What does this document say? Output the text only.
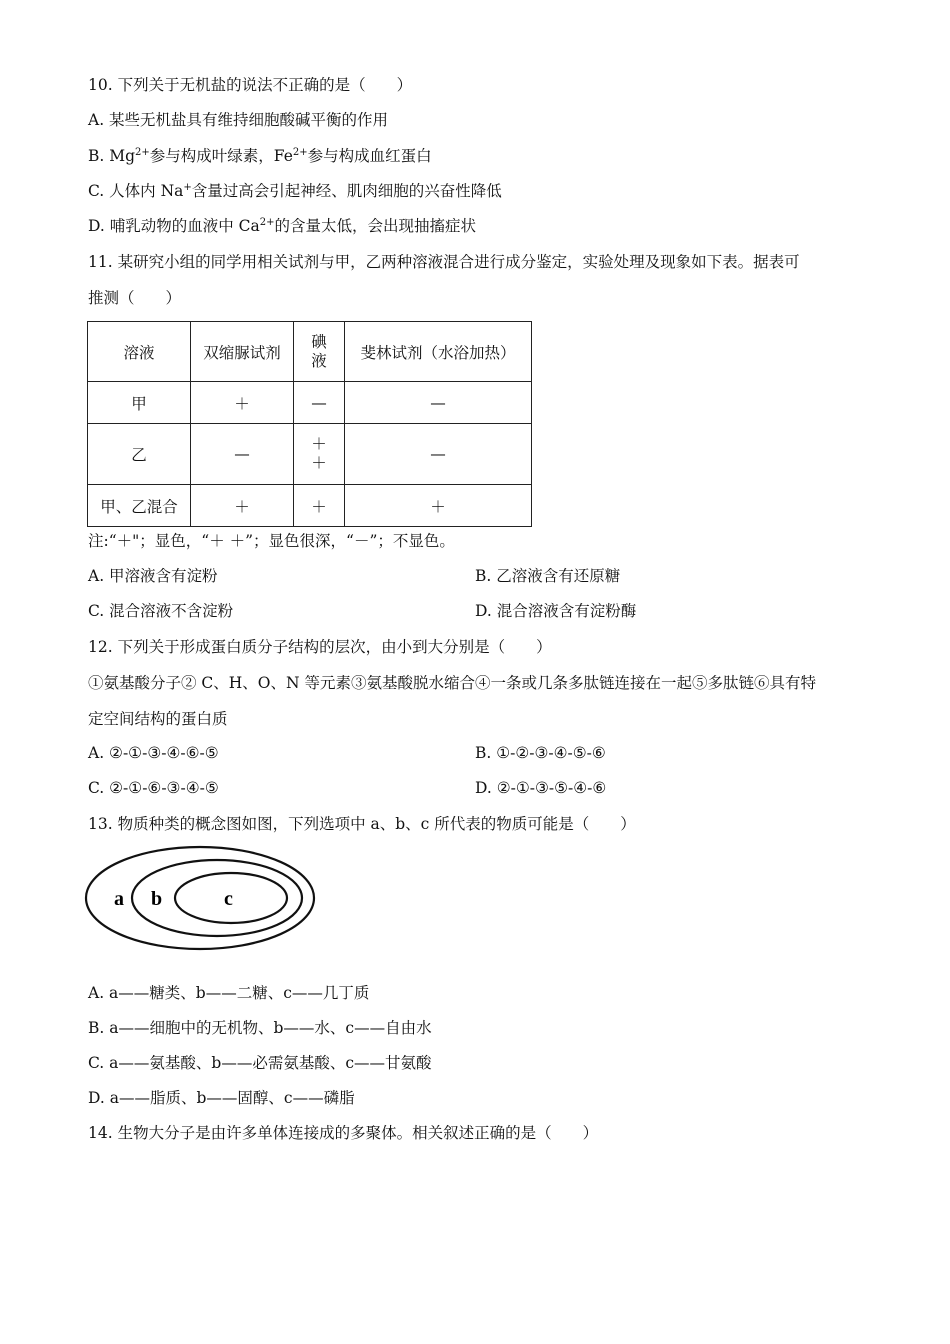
10. 下列关于无机盐的说法不正确的是（　　）
A. 某些无机盐具有维持细胞酸碱平衡的作用
B. $Mg^{2+}$参与构成叶绿素，$Fe^{2+}$参与构成血红蛋白
C. 人体内 Na+含量过高会引起神经、肌肉细胞的兴奋性降低
D. 哺乳动物的血液中 $Ca^{2+}$的含量太低，会出现抽搐症状
11. 某研究小组的同学用相关试剂与甲，乙两种溶液混合进行成分鉴定，实验处理及现象如下表。据表可
推测（　　）
溶液	双缩脲试剂	碘液	斐林试剂（水浴加热）
甲	＋	—	—
乙	—	＋＋	—
甲、乙混合	＋	＋	＋
注:“＋"；显色，“＋ ＋”；显色很深，“－”；不显色。
A. 甲溶液含有淀粉	B. 乙溶液含有还原糖
C. 混合溶液不含淀粉	D. 混合溶液含有淀粉酶
12. 下列关于形成蛋白质分子结构的层次，由小到大分别是（　　）
①氨基酸分子② C、H、O、N 等元素③氨基酸脱水缩合④一条或几条多肽链连接在一起⑤多肽链⑥具有特
定空间结构的蛋白质
A. ②-①-③-④-⑥-⑤	B. ①-②-③-④-⑤-⑥
C. ②-①-⑥-③-④-⑤	D. ②-①-③-⑤-④-⑥
13. 物质种类的概念图如图，下列选项中 a、b、c 所代表的物质可能是（　　）
a b	c
A. a——糖类、b——二糖、c——几丁质
B. a——细胞中的无机物、b——水、c——自由水
C. a——氨基酸、b——必需氨基酸、c——甘氨酸
D. a——脂质、b——固醇、c——磷脂
14. 生物大分子是由许多单体连接成的多聚体。相关叙述正确的是（　　）
